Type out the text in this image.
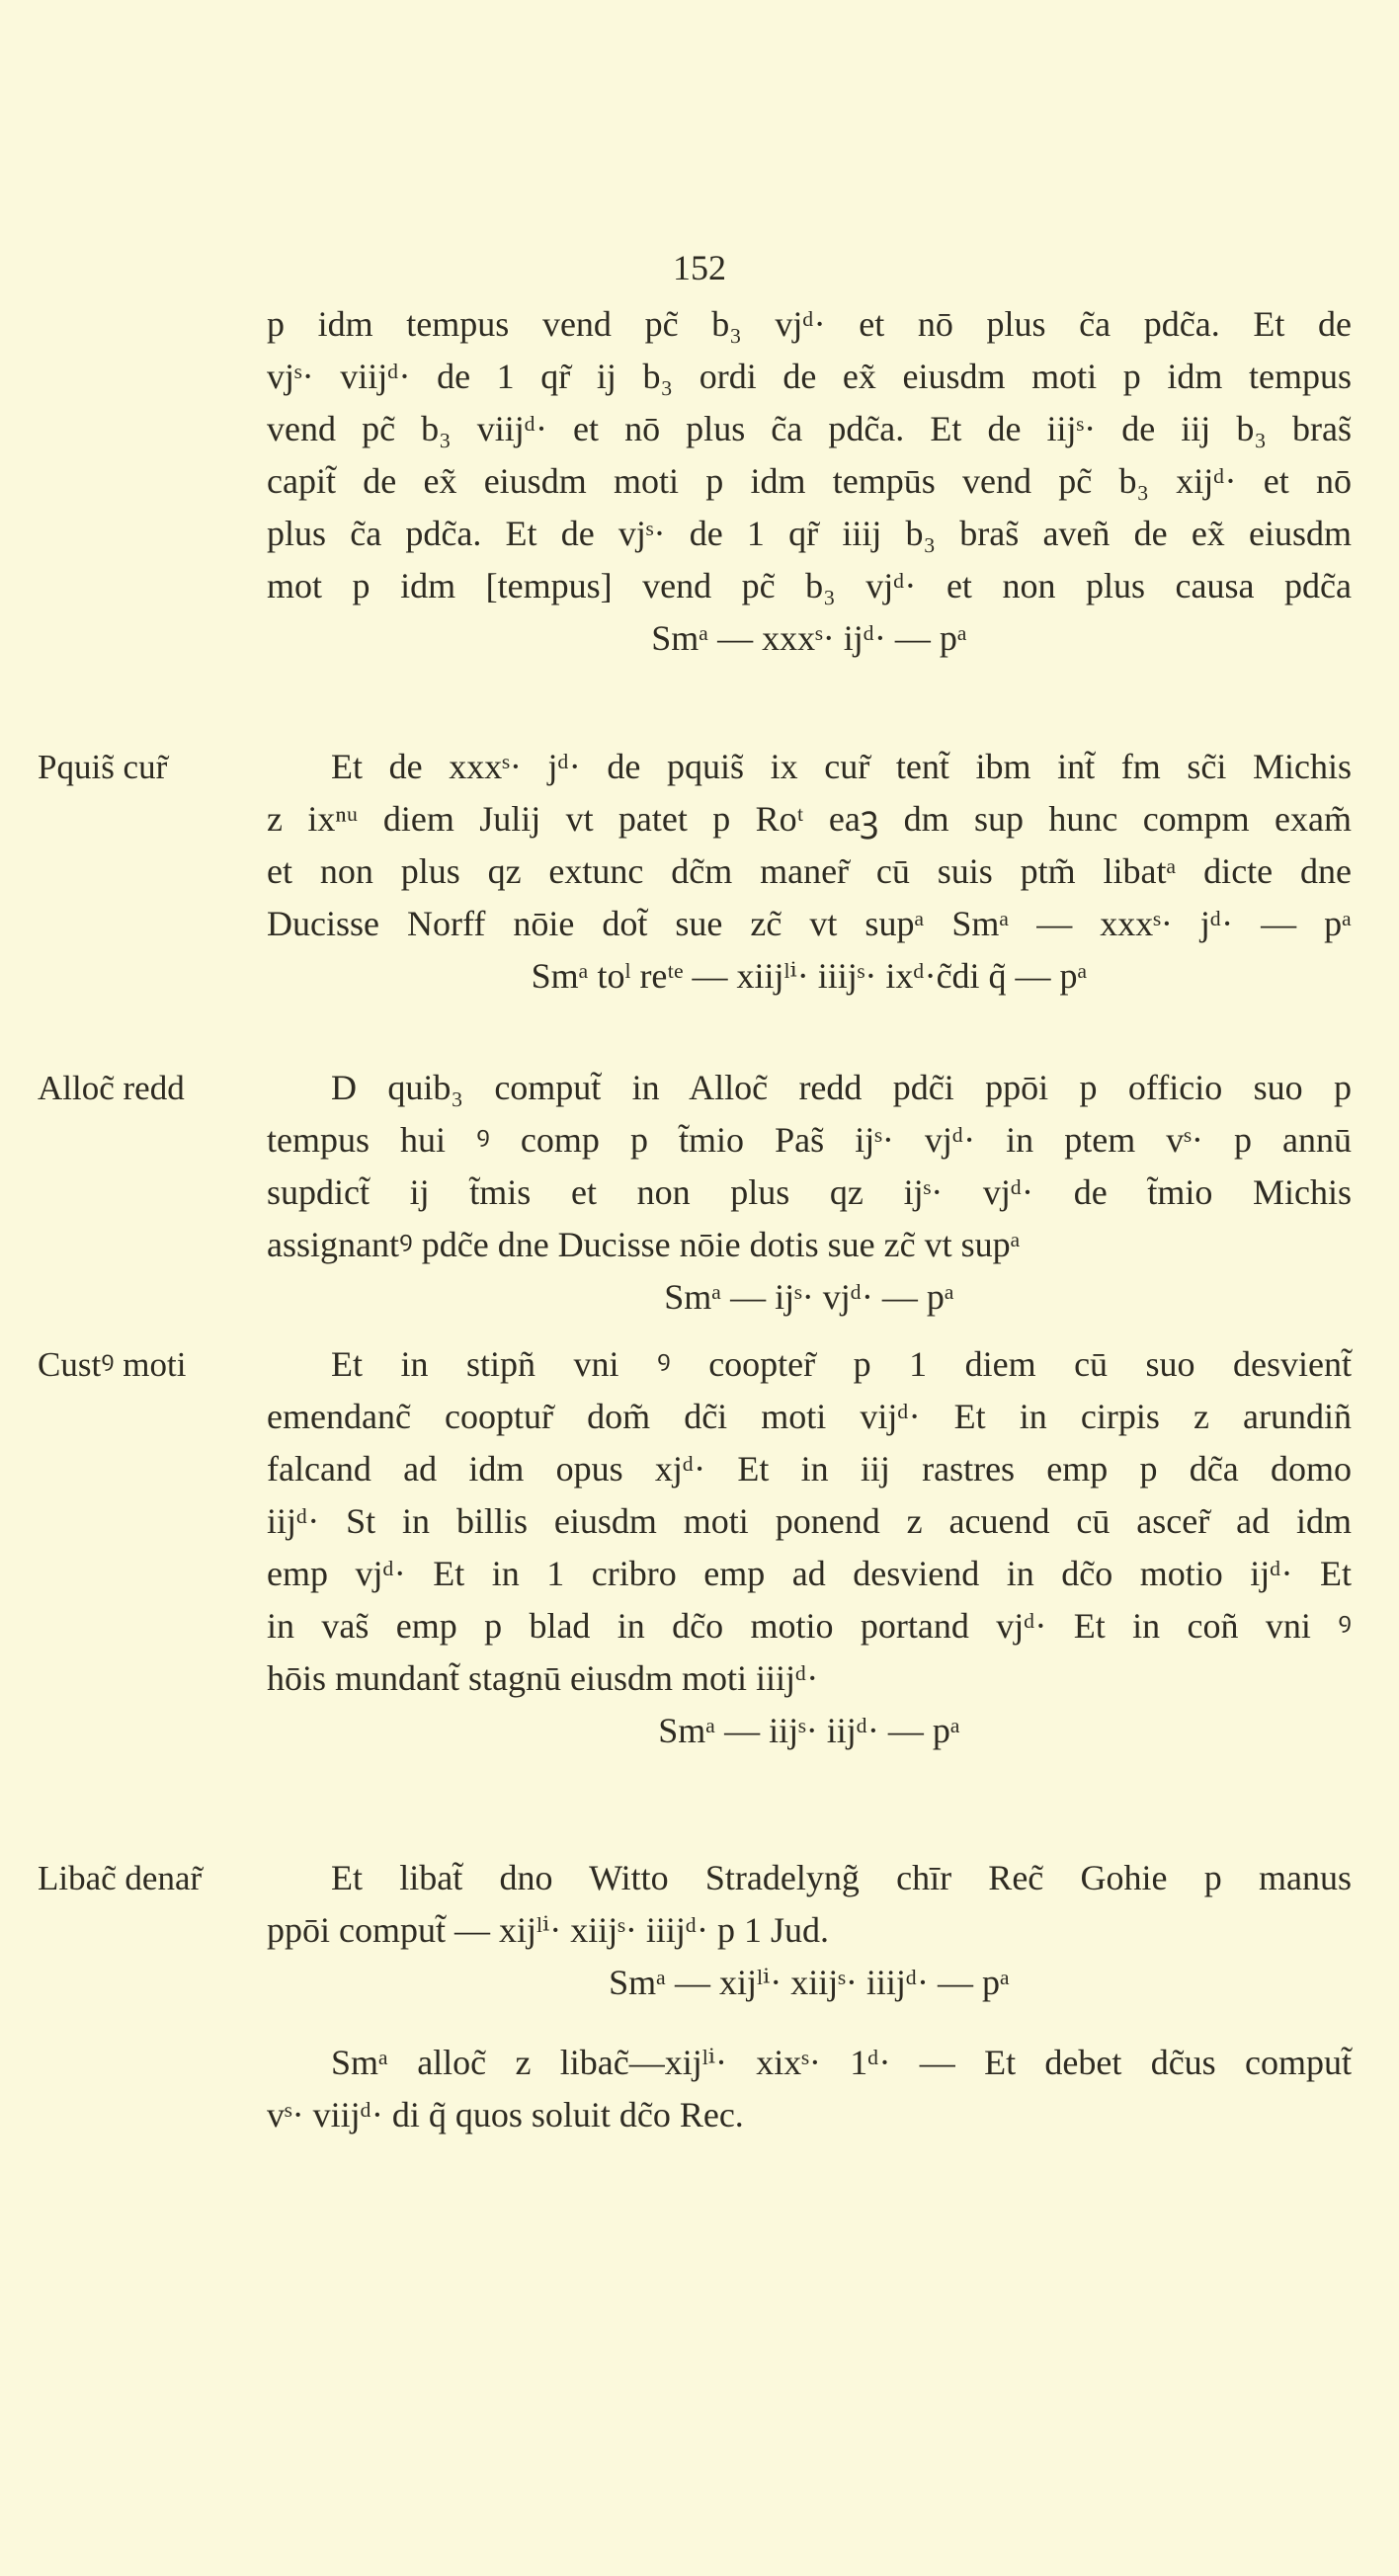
152
p idm tempus vend pc̃ b₃ vjᵈ· et nō plus c̃a pdc̃a. Et de
vjˢ· viijᵈ· de 1 qr̃ ij b₃ ordi de ex̃ eiusdm moti p idm tempus
vend pc̃ b₃ viijᵈ· et nō plus c̃a pdc̃a. Et de iijˢ· de iij b₃ bras̃
capit̃ de ex̃ eiusdm moti p idm tempūs vend pc̃ b₃ xijᵈ· et nō
plus c̃a pdc̃a. Et de vjˢ· de 1 qr̃ iiij b₃ bras̃ aveñ de ex̃ eiusdm
mot p idm [tempus] vend pc̃ b₃ vjᵈ· et non plus causa pdc̃a
Smᵃ — xxxˢ· ijᵈ· — pᵃ
Pquis̃ cur̃	Et de xxxˢ· jᵈ· de pquis̃ ix cur̃ tent̃ ibm int̃ fm sc̃i Michis
z ixⁿᵘ diem Julij vt patet p Roᵗ eaꝫ dm sup hunc compm exam̃
et non plus qz extunc dc̃m maner̃ cū suis ptm̃ libatᵃ dicte dne
Ducisse Norff nōie dot̃ sue zc̃ vt supᵃ Smᵃ — xxxˢ· jᵈ· — pᵃ
Smᵃ toˡ reᵗᵉ — xiijˡⁱ· iiijˢ· ixᵈ·c̃di q̃ — pᵃ
Alloc̃ redd	D quib₃ comput̃ in Alloc̃ redd pdc̃i ppōi p officio suo p
tempus hui ꝰ comp p t̃mio Pas̃ ijˢ· vjᵈ· in ptem vˢ· p annū
supdict̃ ij t̃mis et non plus qz ijˢ· vjᵈ· de t̃mio Michis
assignantꝰ pdc̃e dne Ducisse nōie dotis sue zc̃ vt supᵃ
Smᵃ — ijˢ· vjᵈ· — pᵃ
Custꝰ moti	Et in stipñ vni ꝰ coopter̃ p 1 diem cū suo desvient̃
emendanc̃ cooptur̃ dom̃ dc̃i moti vijᵈ· Et in cirpis z arundiñ
falcand ad idm opus xjᵈ· Et in iij rastres emp p dc̃a domo
iijᵈ· St in billis eiusdm moti ponend z acuend cū ascer̃ ad idm
emp vjᵈ· Et in 1 cribro emp ad desviend in dc̃o motio ijᵈ· Et
in vas̃ emp p blad in dc̃o motio portand vjᵈ· Et in coñ vni ꝰ
hōis mundant̃ stagnū eiusdm moti iiijᵈ·
Smᵃ — iijˢ· iijᵈ· — pᵃ
Libac̃ denar̃	Et libat̃ dno Witto Stradelyng̃ chīr Rec̃ Gohie p manus
ppōi comput̃ — xijˡⁱ· xiijˢ· iiijᵈ· p 1 Jud.
Smᵃ — xijˡⁱ· xiijˢ· iiijᵈ· — pᵃ
Smᵃ alloc̃ z libac̃—xijˡⁱ· xixˢ· 1ᵈ· — Et debet dc̃us comput̃
vˢ· viijᵈ· di q̃ quos soluit dc̃o Rec.
